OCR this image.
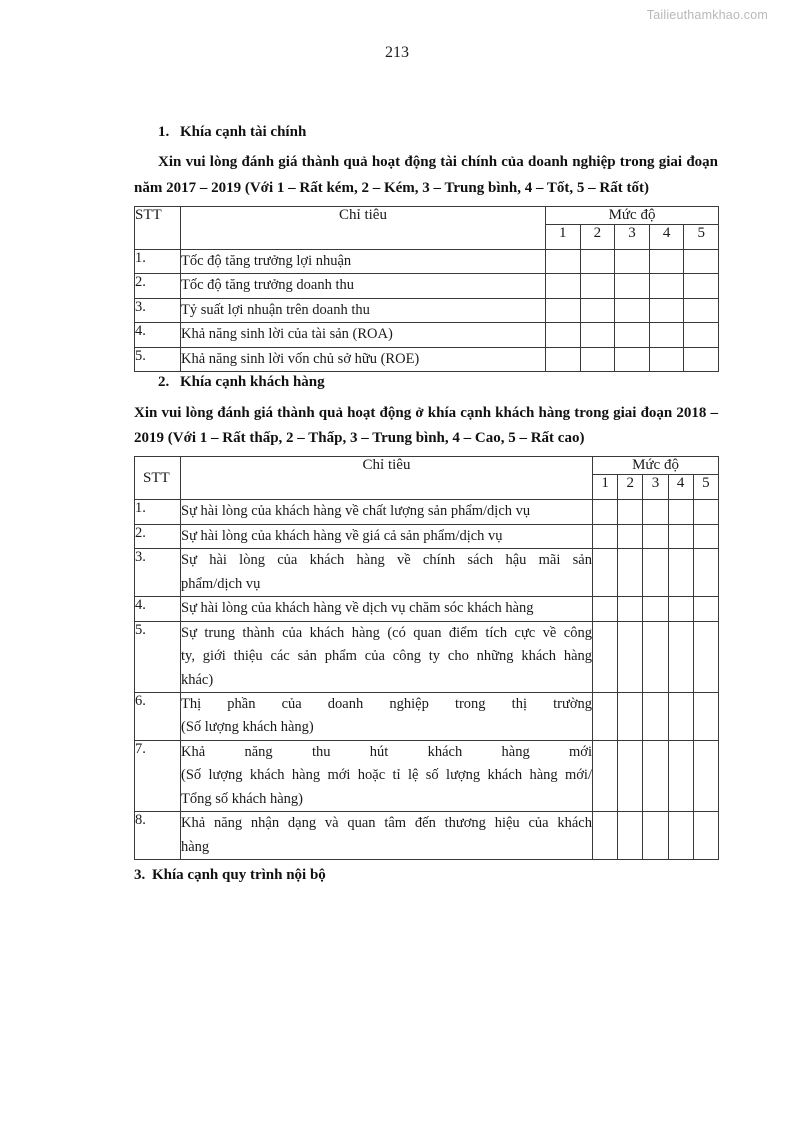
Tailieuthamkhao.com
213

1. Khía cạnh tài chính

Xin vui lòng đánh giá thành quả hoạt động tài chính của doanh nghiệp trong giai đoạn năm 2017 – 2019 (Với 1 – Rất kém, 2 – Kém, 3 – Trung bình, 4 – Tốt, 5 – Rất tốt)

STT	Chỉ tiêu	Mức độ				
		1	2	3	4	5
1.	Tốc độ tăng trưởng lợi nhuận					

2.	Tốc độ tăng trưởng doanh thu					

3.	Tỷ suất lợi nhuận trên doanh thu					

4.	Khả năng sinh lời của tài sản (ROA)					

5.	Khả năng sinh lời vốn chủ sở hữu (ROE)					

2. Khía cạnh khách hàng

Xin vui lòng đánh giá thành quả hoạt động ở khía cạnh khách hàng trong giai đoạn 2018 – 2019 (Với 1 – Rất thấp, 2 – Thấp, 3 – Trung bình, 4 – Cao, 5 – Rất cao)

STT	Chỉ tiêu	Mức độ				
		1	2	3	4	5
1.	Sự hài lòng của khách hàng về chất lượng sản phẩm/dịch vụ					

2.	Sự hài lòng của khách hàng về giá cả sản phẩm/dịch vụ					

3.	Sự hài lòng của khách hàng về chính sách hậu mãi sản
phẩm/dịch vụ					

4.	Sự hài lòng của khách hàng về dịch vụ chăm sóc khách hàng					

5.	Sự trung thành của khách hàng (có quan điểm tích cực về công
ty, giới thiệu các sản phẩm của công ty cho những khách hàng
khác)					

6.	Thị phần của doanh nghiệp trong thị trường
(Số lượng khách hàng)					

7.	Khả năng thu hút khách hàng mới
(Số lượng khách hàng mới hoặc tỉ lệ số lượng khách hàng mới/
Tổng số khách hàng)					

8.	Khả năng nhận dạng và quan tâm đến thương hiệu của khách
hàng					

3. Khía cạnh quy trình nội bộ
